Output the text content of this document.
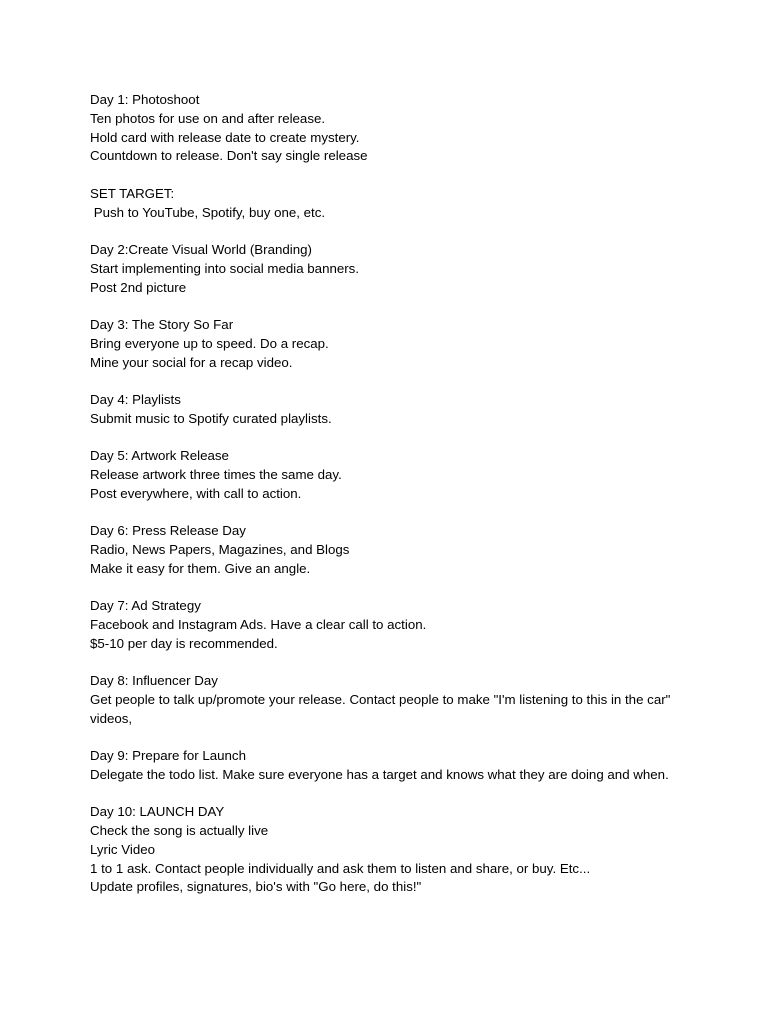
Day 1: Photoshoot
Ten photos for use on and after release.
Hold card with release date to create mystery.
Countdown to release. Don't say single release
SET TARGET:
Push to YouTube, Spotify, buy one, etc.
Day 2:Create Visual World (Branding)
Start implementing into social media banners.
Post 2nd picture
Day 3: The Story So Far
Bring everyone up to speed. Do a recap.
Mine your social for a recap video.
Day 4: Playlists
Submit music to Spotify curated playlists.
Day 5: Artwork Release
Release artwork three times the same day.
Post everywhere, with call to action.
Day 6: Press Release Day
Radio, News Papers, Magazines, and Blogs
Make it easy for them. Give an angle.
Day 7: Ad Strategy
Facebook and Instagram Ads. Have a clear call to action.
$5-10 per day is recommended.
Day 8: Influencer Day
Get people to talk up/promote your release. Contact people to make "I'm listening to this in the car" videos,
Day 9: Prepare for Launch
Delegate the todo list. Make sure everyone has a target and knows what they are doing and when.
Day 10: LAUNCH DAY
Check the song is actually live
Lyric Video
1 to 1 ask. Contact people individually and ask them to listen and share, or buy. Etc...
Update profiles, signatures, bio's with "Go here, do this!"
